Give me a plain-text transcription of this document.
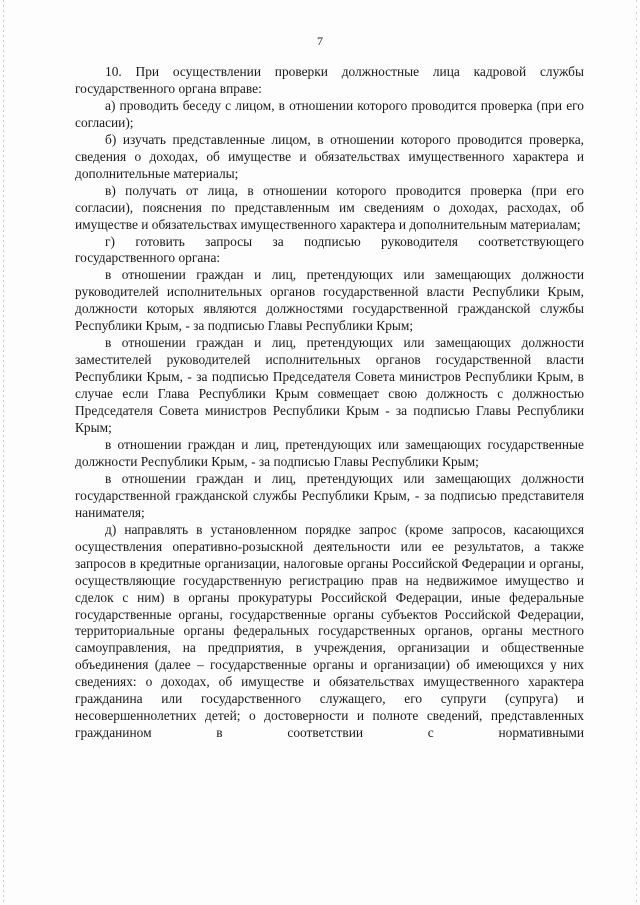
7

10. При осуществлении проверки должностные лица кадровой службы государственного органа вправе:

а) проводить беседу с лицом, в отношении которого проводится проверка (при его согласии);

б) изучать представленные лицом, в отношении которого проводится проверка, сведения о доходах, об имуществе и обязательствах имущественного характера и дополнительные материалы;

в) получать от лица, в отношении которого проводится проверка (при его согласии), пояснения по представленным им сведениям о доходах, расходах, об имуществе и обязательствах имущественного характера и дополнительным материалам;

г) готовить запросы за подписью руководителя соответствующего государственного органа:

в отношении граждан и лиц, претендующих или замещающих должности руководителей исполнительных органов государственной власти Республики Крым, должности которых являются должностями государственной гражданской службы Республики Крым, - за подписью Главы Республики Крым;

в отношении граждан и лиц, претендующих или замещающих должности заместителей руководителей исполнительных органов государственной власти Республики Крым, - за подписью Председателя Совета министров Республики Крым, в случае если Глава Республики Крым совмещает свою должность с должностью Председателя Совета министров Республики Крым - за подписью Главы Республики Крым;

в отношении граждан и лиц, претендующих или замещающих государственные должности Республики Крым, - за подписью Главы Республики Крым;

в отношении граждан и лиц, претендующих или замещающих должности государственной гражданской службы Республики Крым, - за подписью представителя нанимателя;

д) направлять в установленном порядке запрос (кроме запросов, касающихся осуществления оперативно-розыскной деятельности или ее результатов, а также запросов в кредитные организации, налоговые органы Российской Федерации и органы, осуществляющие государственную регистрацию прав на недвижимое имущество и сделок с ним) в органы прокуратуры Российской Федерации, иные федеральные государственные органы, государственные органы субъектов Российской Федерации, территориальные органы федеральных государственных органов, органы местного самоуправления, на предприятия, в учреждения, организации и общественные объединения (далее – государственные органы и организации) об имеющихся у них сведениях: о доходах, об имуществе и обязательствах имущественного характера гражданина или государственного служащего, его супруги (супруга) и несовершеннолетних детей; о достоверности и полноте сведений, представленных гражданином в соответствии с нормативными
